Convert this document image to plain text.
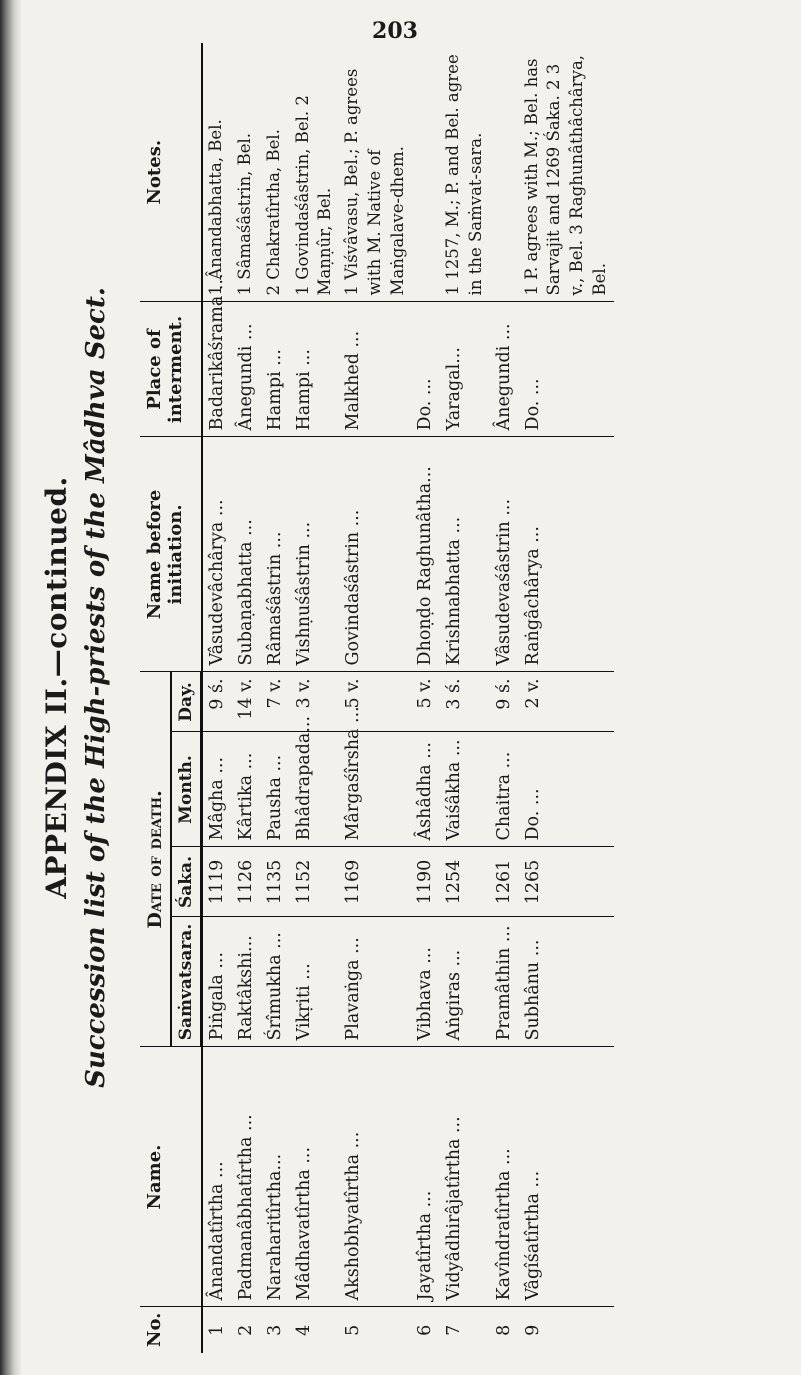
203
APPENDIX II.—continued. Succession list of the High-priests of the Mâdhva Sect.
No.	Name.	Date of death.				Name before initiation.	Place of interment.	Notes.
		Saṁvatsara.	Śaka.	Month.	Day.			
1	Ânandatîrtha ...	Piṅgala ...	1119	Mâgha ...	9 ś.	Vâsudevâchârya ...	Badarikâśrama ...	1 Ânandabhatta, Bel.
2	Padmanâbhatîrtha ...	Raktâkshi...	1126	Kârtika ...	14 v.	Subaṇabhatta ...	Ânegundi ...	1 Sâmaśâstrin, Bel.
3	Naraharitîrtha...	Śrîmukha ...	1135	Pausha ...	7 v.	Râmaśâstrin ...	Hampi ...	2 Chakratîrtha, Bel.
4	Mâdhavatîrtha ...	Vikṛiti ...	1152	Bhâdrapada...	3 v.	Vishṇuśâstrin ...	Hampi ...	1 Govindaśâstrin, Bel. 2 Maṇṇûr, Bel.
5	Akshobhyatîrtha ...	Plavaṅga ...	1169	Mârgaśîrsha ...	5 v.	Govindaśâstrin ...	Malkhed ...	1 Viśvâvasu, Bel.; P. agrees with M. Native of Maṅgalave-dhem.
6	Jayatîrtha ...	Vibhava ...	1190	Âshâdha ...	5 v.	Dhoṇḍo Raghunâtha...	Do. ...	
7	Vidyâdhirâjatîrtha ...	Aṅgiras ...	1254	Vaiśâkha ...	3 ś.	Krishnabhatta ...	Yaragal...	1 1257, M.; P. and Bel. agree in the Saṁvat-sara.
8	Kavîndratîrtha ...	Pramâthin ...	1261	Chaitra ...	9 ś.	Vâsudevaśâstrin ...	Ânegundi ...	
9	Vâgîśatîrtha ...	Subhânu ...	1265	Do. ...	2 v.	Raṅgâchârya ...	Do. ...	1 P. agrees with M.; Bel. has Sarvajit and 1269 Śaka. 2 3 v., Bel. 3 Raghunâthâchârya, Bel.
